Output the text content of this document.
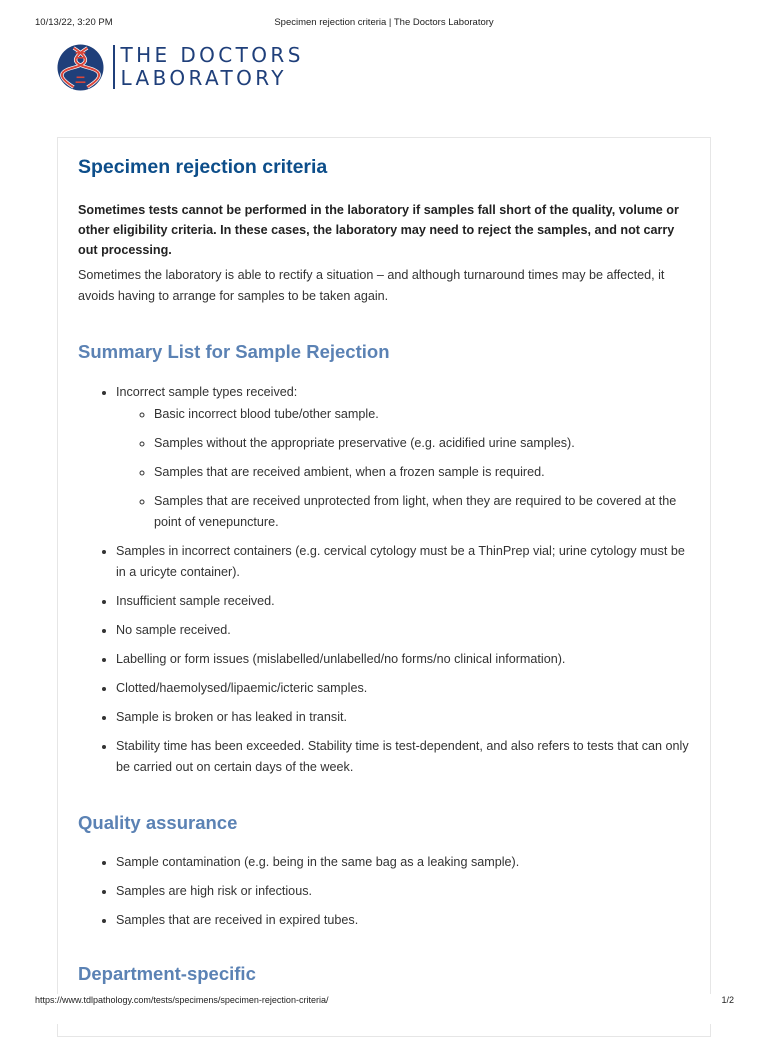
10/13/22, 3:20 PM	Specimen rejection criteria | The Doctors Laboratory
THE DOCTORS
LABORATORY
Specimen rejection criteria

Sometimes tests cannot be performed in the laboratory if samples fall short of the quality, volume or other eligibility criteria. In these cases, the laboratory may need to reject the samples, and not carry out processing.

Sometimes the laboratory is able to rectify a situation – and although turnaround times may be affected, it avoids having to arrange for samples to be taken again.

Summary List for Sample Rejection
• Incorrect sample types received:
◦ Basic incorrect blood tube/other sample.
◦ Samples without the appropriate preservative (e.g. acidified urine samples).
◦ Samples that are received ambient, when a frozen sample is required.
◦ Samples that are received unprotected from light, when they are required to be covered at the point of venepuncture.
• Samples in incorrect containers (e.g. cervical cytology must be a ThinPrep vial; urine cytology must be in a uricyte container).
• Insufficient sample received.
• No sample received.
• Labelling or form issues (mislabelled/unlabelled/no forms/no clinical information).
• Clotted/haemolysed/lipaemic/icteric samples.
• Sample is broken or has leaked in transit.
• Stability time has been exceeded. Stability time is test-dependent, and also refers to tests that can only be carried out on certain days of the week.
Quality assurance
• Sample contamination (e.g. being in the same bag as a leaking sample).
• Samples are high risk or infectious.
• Samples that are received in expired tubes.
Department-specific
https://www.tdlpathology.com/tests/specimens/specimen-rejection-criteria/	1/2
